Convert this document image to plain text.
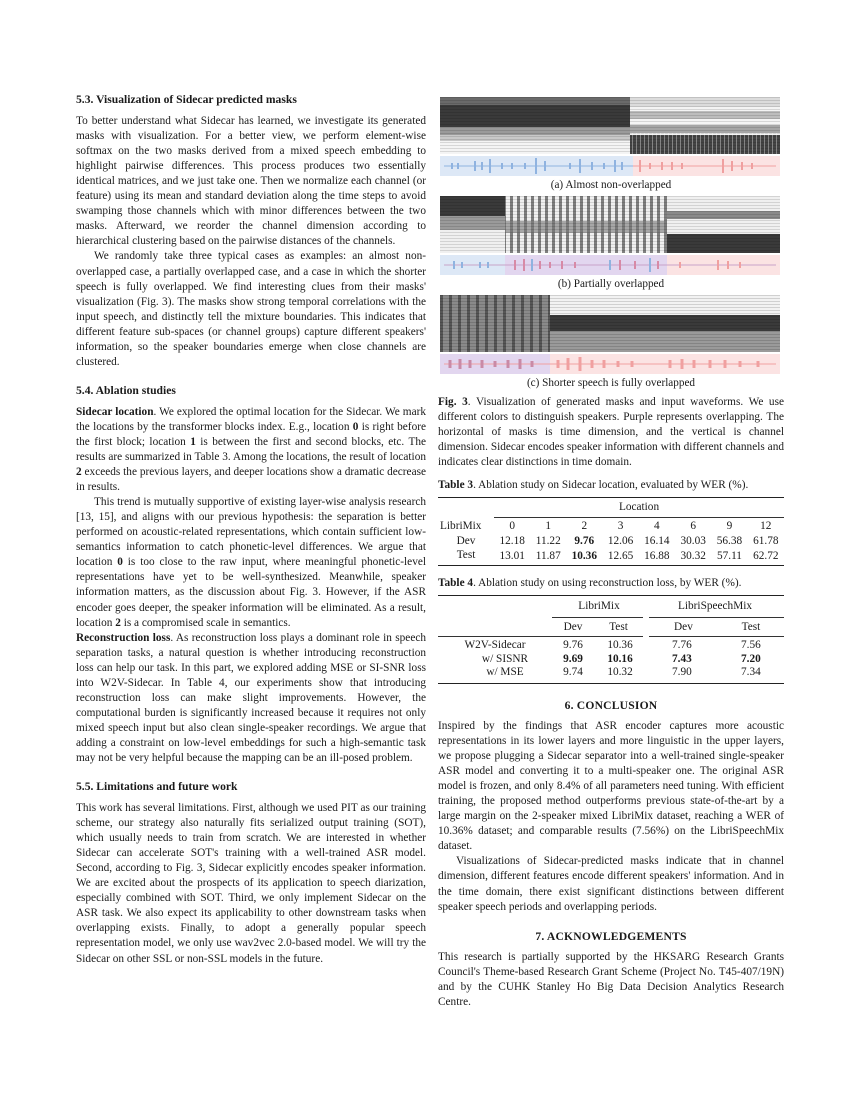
5.3. Visualization of Sidecar predicted masks

To better understand what Sidecar has learned, we investigate its generated masks with visualization. For a better view, we perform element-wise softmax on the two masks derived from a mixed speech embedding to highlight pairwise differences. This process produces two essentially identical matrices, and we just take one. Then we normalize each channel (or feature) using its mean and standard deviation along the time steps to avoid swamping those channels which with minor differences between the two masks. Afterward, we reorder the channel dimension according to hierarchical clustering based on the pairwise distances of the channels.

We randomly take three typical cases as examples: an almost non-overlapped case, a partially overlapped case, and a case in which the shorter speech is fully overlapped. We find interesting clues from their masks' visualization (Fig. 3). The masks show strong temporal correlations with the input speech, and distinctly tell the mixture boundaries. This indicates that different feature sub-spaces (or channel groups) capture different speakers' information, so the speaker boundaries emerge when close channels are clustered.

5.4. Ablation studies

Sidecar location. We explored the optimal location for the Sidecar. We mark the locations by the transformer blocks index. E.g., location 0 is right before the first block; location 1 is between the first and second blocks, etc. The results are summarized in Table 3. Among the locations, the result of location 2 exceeds the previous layers, and deeper locations show a dramatic decrease in results.

This trend is mutually supportive of existing layer-wise analysis research [13, 15], and aligns with our previous hypothesis: the separation is better performed on acoustic-related representations, which contain sufficient low-semantics information to catch phonetic-level differences. We argue that location 0 is too close to the raw input, where meaningful phonetic-level representations have yet to be well-synthesized. Meanwhile, speaker information matters, as the discussion about Fig. 3. However, if the ASR encoder goes deeper, the speaker information will be eliminated. As a result, location 2 is a compromised scale in semantics.

Reconstruction loss. As reconstruction loss plays a dominant role in speech separation tasks, a natural question is whether introducing reconstruction loss can help our task. In this part, we explored adding MSE or SI-SNR loss into W2V-Sidecar. In Table 4, our experiments show that introducing reconstruction loss can make slight improvements. However, the computational burden is significantly increased because it requires not only mixed speech input but also clean single-speaker recordings. We argue that adding a constraint on low-level embeddings for such a high-semantic task may not be very helpful because the mapping can be an ill-posed problem.

5.5. Limitations and future work

This work has several limitations. First, although we used PIT as our training scheme, our strategy also naturally fits serialized output training (SOT), which usually needs to train from scratch. We are interested in whether Sidecar can accelerate SOT's training with a well-trained ASR model. Second, according to Fig. 3, Sidecar explicitly encodes speaker information. We are excited about the prospects of its application to speech diarization, especially combined with SOT. Third, we only implement Sidecar on the ASR task. We also expect its applicability to other downstream tasks when overlapping exists. Finally, to adopt a generally popular speech representation model, we only use wav2vec 2.0-based model. We will try the Sidecar on other SSL or non-SSL models in the future.

(a) Almost non-overlapped
(b) Partially overlapped
(c) Shorter speech is fully overlapped

Fig. 3. Visualization of generated masks and input waveforms. We use different colors to distinguish speakers. Purple represents overlapping. The horizontal of masks is time dimension, and the vertical is channel dimension. Sidecar encodes speaker information with different channels and indicates clear distinctions in time domain.

Table 3. Ablation study on Sidecar location, evaluated by WER (%).

	Location							
LibriMix	0	1	2	3	4	6	9	12
Dev	12.18	11.22	9.76	12.06	16.14	30.03	56.38	61.78
Test	13.01	11.87	10.36	12.65	16.88	30.32	57.11	62.72

Table 4. Ablation study on using reconstruction loss, by WER (%).

	LibriMix		LibriSpeechMix	
	Dev	Test	Dev	Test
W2V-Sidecar	9.76	10.36	7.76	7.56
w/ SISNR	9.69	10.16	7.43	7.20
w/ MSE	9.74	10.32	7.90	7.34
6. CONCLUSION

Inspired by the findings that ASR encoder captures more acoustic representations in its lower layers and more linguistic in the upper layers, we propose plugging a Sidecar separator into a well-trained single-speaker ASR model and converting it to a multi-speaker one. The original ASR model is frozen, and only 8.4% of all parameters need tuning. With efficient training, the proposed method outperforms previous state-of-the-art by a large margin on the 2-speaker mixed LibriMix dataset, reaching a WER of 10.36% dataset; and comparable results (7.56%) on the LibriSpeechMix dataset.

Visualizations of Sidecar-predicted masks indicate that in channel dimension, different features encode different speakers' information. And in the time domain, there exist significant distinctions between different speaker speech periods and overlapping periods.

7. ACKNOWLEDGEMENTS

This research is partially supported by the HKSARG Research Grants Council's Theme-based Research Grant Scheme (Project No. T45-407/19N) and by the CUHK Stanley Ho Big Data Decision Analytics Research Centre.
